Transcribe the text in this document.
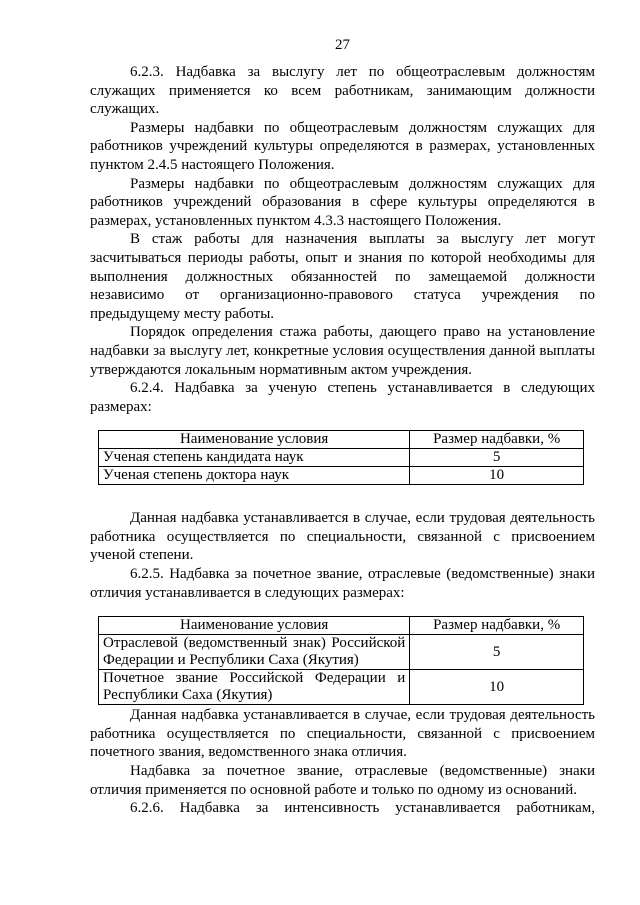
27

6.2.3. Надбавка за выслугу лет по общеотраслевым должностям служащих применяется ко всем работникам, занимающим должности служащих.

Размеры надбавки по общеотраслевым должностям служащих для работников учреждений культуры определяются в размерах, установленных пунктом 2.4.5 настоящего Положения.

Размеры надбавки по общеотраслевым должностям служащих для работников учреждений образования в сфере культуры определяются в размерах, установленных пунктом 4.3.3 настоящего Положения.

В стаж работы для назначения выплаты за выслугу лет могут засчитываться периоды работы, опыт и знания по которой необходимы для выполнения должностных обязанностей по замещаемой должности независимо от организационно-правового статуса учреждения по предыдущему месту работы.

Порядок определения стажа работы, дающего право на установление надбавки за выслугу лет, конкретные условия осуществления данной выплаты утверждаются локальным нормативным актом учреждения.

6.2.4. Надбавка за ученую степень устанавливается в следующих размерах:

Наименование условия	Размер надбавки, %
Ученая степень кандидата наук	5
Ученая степень доктора наук	10

Данная надбавка устанавливается в случае, если трудовая деятельность работника осуществляется по специальности, связанной с присвоением ученой степени.

6.2.5. Надбавка за почетное звание, отраслевые (ведомственные) знаки отличия устанавливается в следующих размерах:

Наименование условия	Размер надбавки, %
Отраслевой (ведомственный знак) Российской Федерации и Республики Саха (Якутия)	5
Почетное звание Российской Федерации и Республики Саха (Якутия)	10

Данная надбавка устанавливается в случае, если трудовая деятельность работника осуществляется по специальности, связанной с присвоением почетного звания, ведомственного знака отличия.

Надбавка за почетное звание, отраслевые (ведомственные) знаки отличия применяется по основной работе и только по одному из оснований.

6.2.6. Надбавка за интенсивность устанавливается работникам,
